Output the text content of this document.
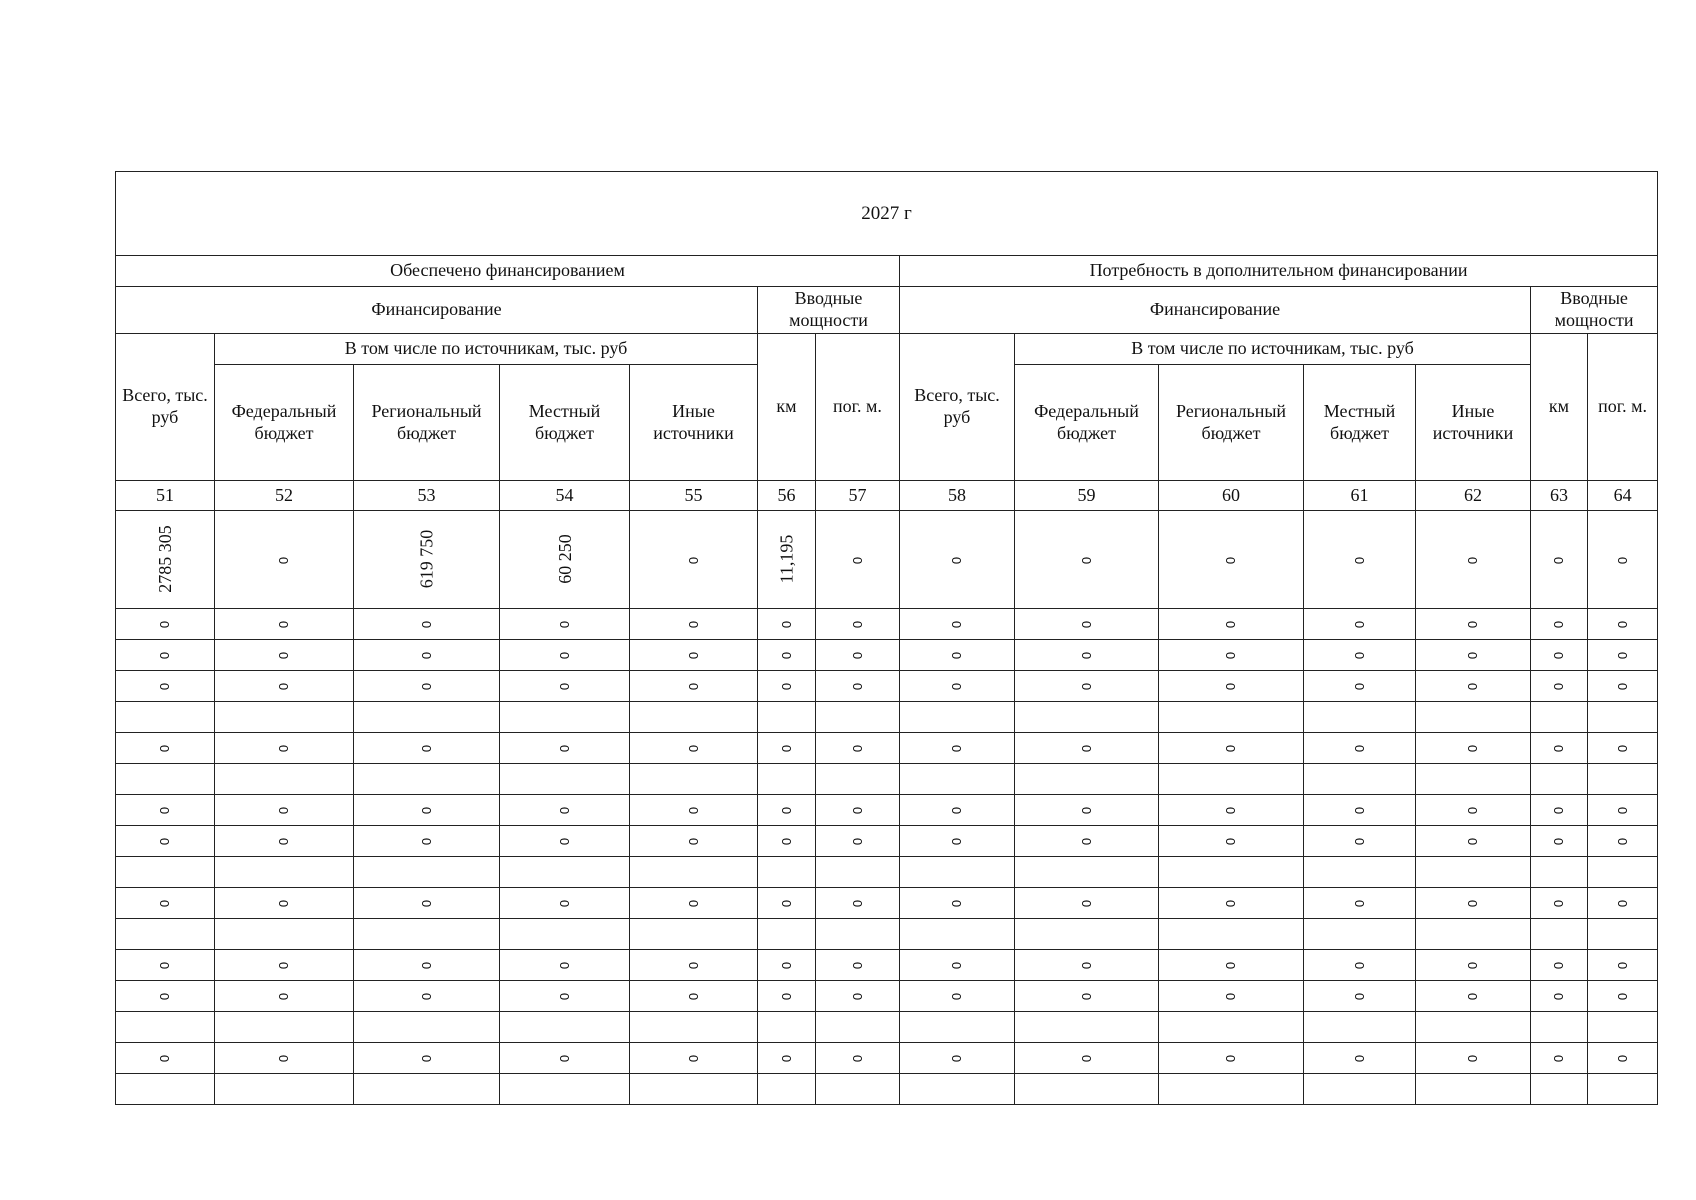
2027 г													
Обеспечено финансированием							Потребность в дополнительном финансировании						
Финансирование					Вводные мощности		Финансирование					Вводные мощности	
Всего, тыс. руб	В том числе по источникам, тыс. руб				км	пог. м.	Всего, тыс. руб	В том числе по источникам, тыс. руб				км	пог. м.
	Федеральный бюджет	Региональный бюджет	Местный бюджет	Иные источники				Федеральный бюджет	Региональный бюджет	Местный бюджет	Иные источники		
51	52	53	54	55	56	57	58	59	60	61	62	63	64
2785 305	0	619 750	60 250	0	11,195	0	0	0	0	0	0	0	0
0	0	0	0	0	0	0	0	0	0	0	0	0	0
0	0	0	0	0	0	0	0	0	0	0	0	0	0
0	0	0	0	0	0	0	0	0	0	0	0	0	0

0	0	0	0	0	0	0	0	0	0	0	0	0	0

0	0	0	0	0	0	0	0	0	0	0	0	0	0
0	0	0	0	0	0	0	0	0	0	0	0	0	0

0	0	0	0	0	0	0	0	0	0	0	0	0	0

0	0	0	0	0	0	0	0	0	0	0	0	0	0
0	0	0	0	0	0	0	0	0	0	0	0	0	0

0	0	0	0	0	0	0	0	0	0	0	0	0	0
